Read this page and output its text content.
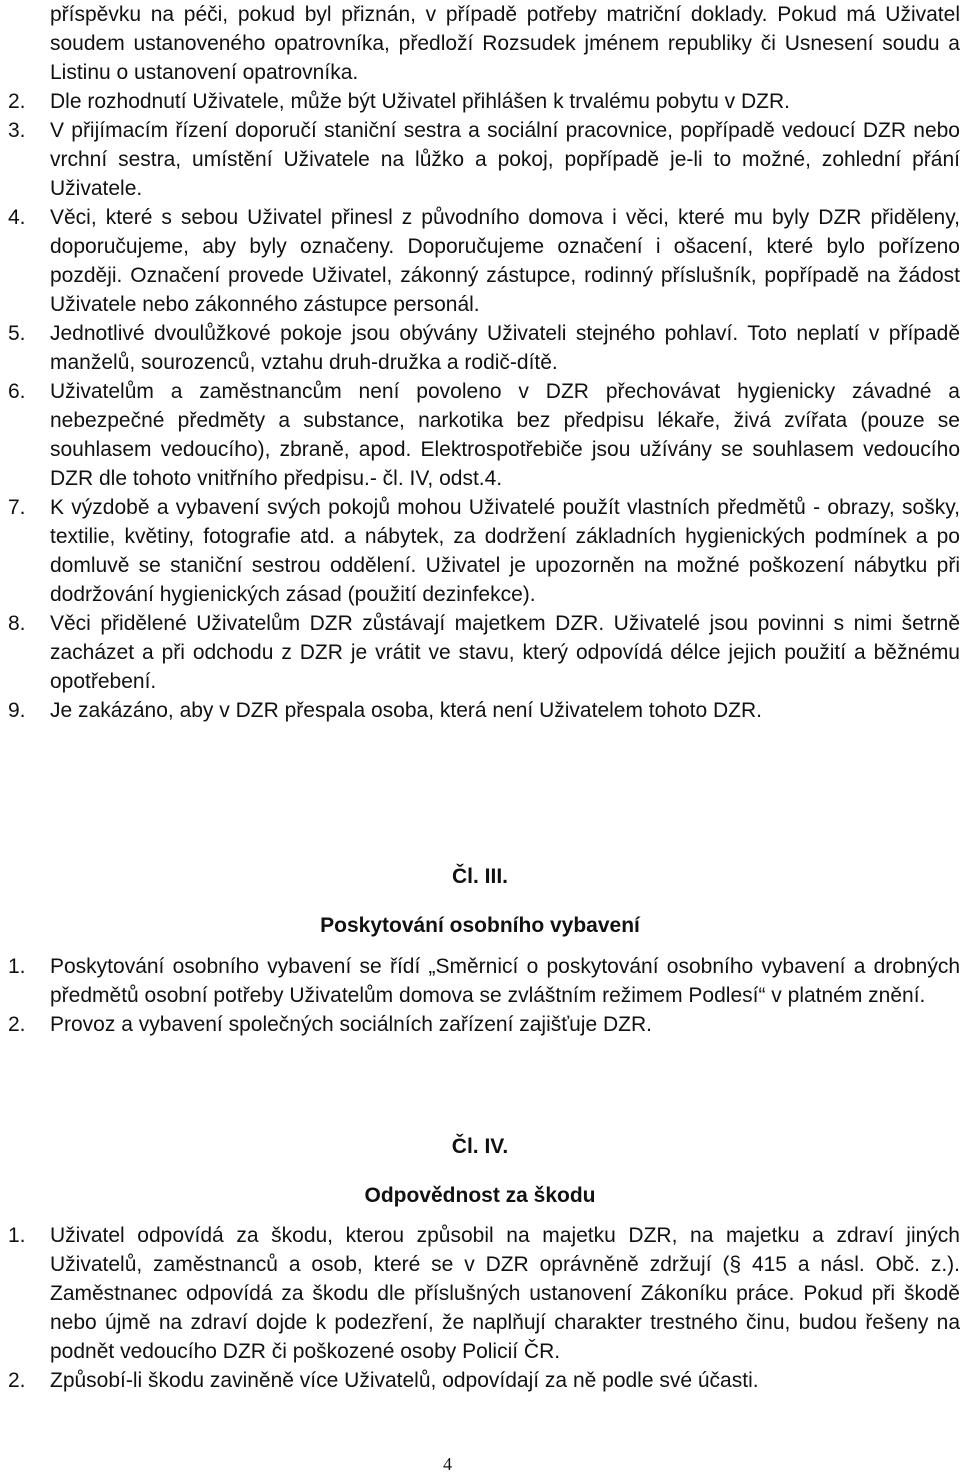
příspěvku na péči, pokud byl přiznán, v případě potřeby matriční doklady. Pokud má Uživatel soudem ustanoveného opatrovníka, předloží Rozsudek jménem republiky či Usnesení soudu a Listinu o ustanovení opatrovníka.

2. Dle rozhodnutí Uživatele, může být Uživatel přihlášen k trvalému pobytu v DZR.
3. V přijímacím řízení doporučí staniční sestra a sociální pracovnice, popřípadě vedoucí DZR nebo vrchní sestra, umístění Uživatele na lůžko a pokoj, popřípadě je-li to možné, zohlední přání Uživatele.
4. Věci, které s sebou Uživatel přinesl z původního domova i věci, které mu byly DZR přiděleny, doporučujeme, aby byly označeny. Doporučujeme označení i ošacení, které bylo pořízeno později. Označení provede Uživatel, zákonný zástupce, rodinný příslušník, popřípadě na žádost Uživatele nebo zákonného zástupce personál.
5. Jednotlivé dvoulůžkové pokoje jsou obývány Uživateli stejného pohlaví. Toto neplatí v případě manželů, sourozenců, vztahu druh-družka a rodič-dítě.
6. Uživatelům a zaměstnancům není povoleno v DZR přechovávat hygienicky závadné a nebezpečné předměty a substance, narkotika bez předpisu lékaře, živá zvířata (pouze se souhlasem vedoucího), zbraně, apod. Elektrospotřebiče jsou užívány se souhlasem vedoucího DZR dle tohoto vnitřního předpisu.- čl. IV, odst.4.
7. K výzdobě a vybavení svých pokojů mohou Uživatelé použít vlastních předmětů - obrazy, sošky, textilie, květiny, fotografie atd. a nábytek, za dodržení základních hygienických podmínek a po domluvě se staniční sestrou oddělení. Uživatel je upozorněn na možné poškození nábytku při dodržování hygienických zásad (použití dezinfekce).
8. Věci přidělené Uživatelům DZR zůstávají majetkem DZR. Uživatelé jsou povinni s nimi šetrně zacházet a při odchodu z DZR je vrátit ve stavu, který odpovídá délce jejich použití a běžnému opotřebení.
9. Je zakázáno, aby v DZR přespala osoba, která není Uživatelem tohoto DZR.
Čl. III.
Poskytování osobního vybavení
1. Poskytování osobního vybavení se řídí „Směrnicí o poskytování osobního vybavení a drobných předmětů osobní potřeby Uživatelům domova se zvláštním režimem Podlesí“ v platném znění.
2. Provoz a vybavení společných sociálních zařízení zajišťuje DZR.
Čl. IV.
Odpovědnost za škodu
1. Uživatel odpovídá za škodu, kterou způsobil na majetku DZR, na majetku a zdraví jiných Uživatelů, zaměstnanců a osob, které se v DZR oprávněně zdržují (§ 415 a násl. Obč. z.). Zaměstnanec odpovídá za škodu dle příslušných ustanovení Zákoníku práce. Pokud při škodě nebo újmě na zdraví dojde k podezření, že naplňují charakter trestného činu, budou řešeny na podnět vedoucího DZR či poškozené osoby Policií ČR.
2. Způsobí-li škodu zaviněně více Uživatelů, odpovídají za ně podle své účasti.
4
